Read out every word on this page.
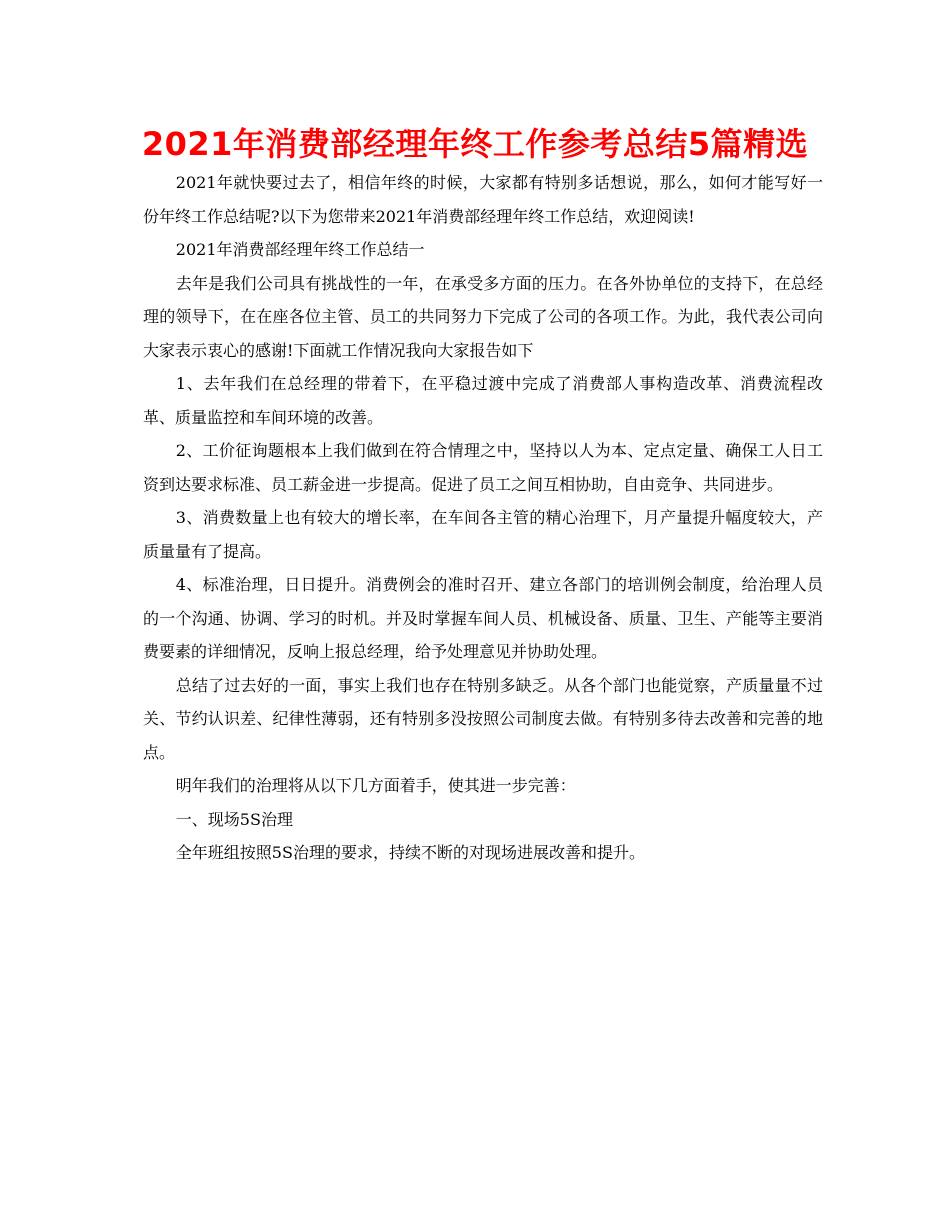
2021年消费部经理年终工作参考总结5篇精选

2021年就快要过去了，相信年终的时候，大家都有特别多话想说，那么，如何才能写好一份年终工作总结呢?以下为您带来2021年消费部经理年终工作总结，欢迎阅读!

2021年消费部经理年终工作总结一

去年是我们公司具有挑战性的一年，在承受多方面的压力。在各外协单位的支持下，在总经理的领导下，在在座各位主管、员工的共同努力下完成了公司的各项工作。为此，我代表公司向大家表示衷心的感谢!下面就工作情况我向大家报告如下

1、去年我们在总经理的带着下，在平稳过渡中完成了消费部人事构造改革、消费流程改革、质量监控和车间环境的改善。

2、工价征询题根本上我们做到在符合情理之中，坚持以人为本、定点定量、确保工人日工资到达要求标准、员工薪金进一步提高。促进了员工之间互相协助，自由竞争、共同进步。

3、消费数量上也有较大的增长率，在车间各主管的精心治理下，月产量提升幅度较大，产质量量有了提高。

4、标准治理，日日提升。消费例会的准时召开、建立各部门的培训例会制度，给治理人员的一个沟通、协调、学习的时机。并及时掌握车间人员、机械设备、质量、卫生、产能等主要消费要素的详细情况，反响上报总经理，给予处理意见并协助处理。

总结了过去好的一面，事实上我们也存在特别多缺乏。从各个部门也能觉察，产质量量不过关、节约认识差、纪律性薄弱，还有特别多没按照公司制度去做。有特别多待去改善和完善的地点。

明年我们的治理将从以下几方面着手，使其进一步完善：

一、现场5S治理

全年班组按照5S治理的要求，持续不断的对现场进展改善和提升。
